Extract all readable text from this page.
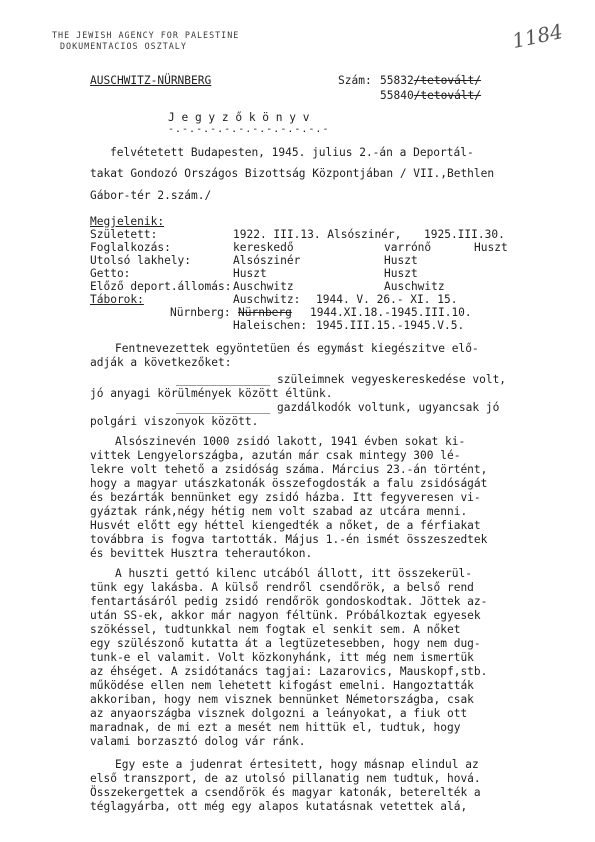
THE JEWISH AGENCY FOR PALESTINE
DOKUMENTACIOS OSZTALY	1184
AUSCHWITZ-NÜRNBERG	Szám: 55832/tetovált/
55840/tetovált/
J e g y z ő k ö n y v
-.-.-.-.-.-.-.-.-.-.-.-
felvétetett Budapesten, 1945. julius 2.-án a Deportál-
takat Gondozó Országos Bizottság Központjában / VII.,Bethlen
Gábor-tér 2.szám./
Megjelenik:
Született:	1922. III.13. Alsószinér, 1925.III.30.
Foglalkozás:	kereskedő	varrónő	Huszt
Utolsó lakhely:	Alsószinér	Huszt
Getto:	Huszt	Huszt
Előző deport.állomás: Auschwitz	Auschwitz
Táborok:	Auschwitz: 1944. V. 26.- XI. 15.
Nürnberg: Nürnberg 1944.XI.18.-1945.III.10.
Haleischen: 1945.III.15.-1945.V.5.
Fentnevezettek egyöntetüen és egymást kiegészitve elő-
adják a következőket:
______________ szüleimnek vegyeskereskedése volt,
jó anyagi körülmények között éltünk.
______________ gazdálkodók voltunk, ugyancsak jó
polgári viszonyok között.
Alsószinevén 1000 zsidó lakott, 1941 évben sokat ki-
vittek Lengyelországba, azután már csak mintegy 300 lé-
lekre volt tehető a zsidóság száma. Március 23.-án történt,
hogy a magyar utászkatonák összefogdosták a falu zsidóságát
és bezárták bennünket egy zsidó házba. Itt fegyveresen vi-
gyáztak ránk,négy hétig nem volt szabad az utcára menni.
Husvét előtt egy héttel kiengedték a nőket, de a férfiakat
továbbra is fogva tartották. Május 1.-én ismét összeszedtek
és bevittek Husztra teherautókon.
A huszti gettó kilenc utcából állott, itt összekerül-
tünk egy lakásba. A külső rendről csendőrök, a belső rend
fentartásáról pedig zsidó rendőrök gondoskodtak. Jöttek az-
után SS-ek, akkor már nagyon féltünk. Próbálkoztak egyesek
szökéssel, tudtunkkal nem fogtak el senkit sem. A nőket
egy szülészonő kutatta át a legtüzetesebben, hogy nem dug-
tunk-e el valamit. Volt közkonyhánk, itt még nem ismertük
az éhséget. A zsidótanács tagjai: Lazarovics, Mauskopf,stb.
működése ellen nem lehetett kifogást emelni. Hangoztatták
akkoriban, hogy nem visznek bennünket Németországba, csak
az anyaországba visznek dolgozni a leányokat, a fiuk ott
maradnak, de mi ezt a mesét nem hittük el, tudtuk, hogy
valami borzasztó dolog vár ránk.
Egy este a judenrat értesitett, hogy másnap elindul az
első transzport, de az utolsó pillanatig nem tudtuk, hová.
Összekergettek a csendőrök és magyar katonák, beterelték a
téglagyárba, ott még egy alapos kutatásnak vetettek alá,
